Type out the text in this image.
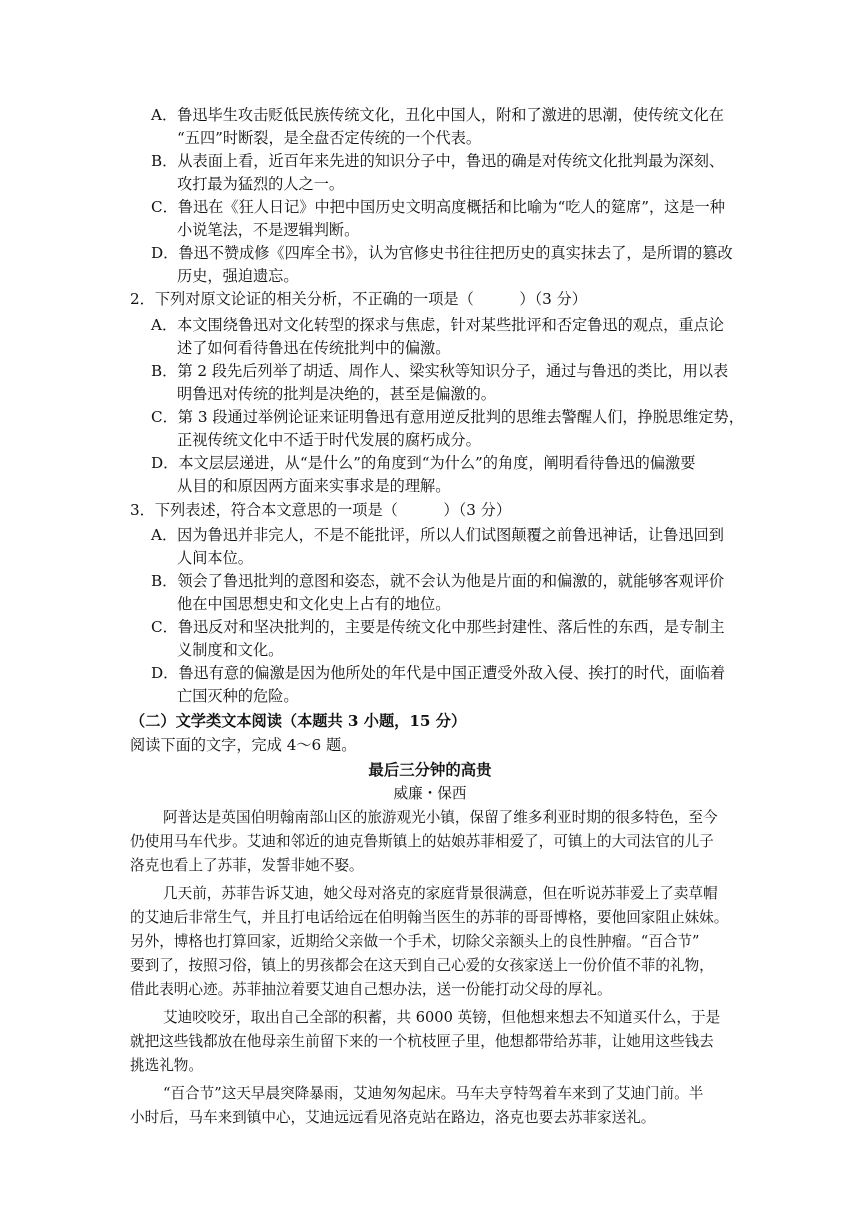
A．鲁迅毕生攻击贬低民族传统文化，丑化中国人，附和了激进的思潮，使传统文化在
“五四”时断裂，是全盘否定传统的一个代表。
B．从表面上看，近百年来先进的知识分子中，鲁迅的确是对传统文化批判最为深刻、
攻打最为猛烈的人之一。
C．鲁迅在《狂人日记》中把中国历史文明高度概括和比喻为“吃人的筵席”，这是一种
小说笔法，不是逻辑判断。
D．鲁迅不赞成修《四库全书》，认为官修史书往往把历史的真实抹去了，是所谓的篡改
历史，强迫遗忘。
2．下列对原文论证的相关分析，不正确的一项是（　　　）（3 分）
A．本文围绕鲁迅对文化转型的探求与焦虑，针对某些批评和否定鲁迅的观点，重点论
述了如何看待鲁迅在传统批判中的偏激。
B．第 2 段先后列举了胡适、周作人、梁实秋等知识分子，通过与鲁迅的类比，用以表
明鲁迅对传统的批判是决绝的，甚至是偏激的。
C．第 3 段通过举例论证来证明鲁迅有意用逆反批判的思维去警醒人们，挣脱思维定势，
正视传统文化中不适于时代发展的腐朽成分。
D．本文层层递进，从“是什么”的角度到“为什么”的角度，阐明看待鲁迅的偏激要
从目的和原因两方面来实事求是的理解。
3．下列表述，符合本文意思的一项是（　　　）（3 分）
A．因为鲁迅并非完人，不是不能批评，所以人们试图颠覆之前鲁迅神话，让鲁迅回到
人间本位。
B．领会了鲁迅批判的意图和姿态，就不会认为他是片面的和偏激的，就能够客观评价
他在中国思想史和文化史上占有的地位。
C．鲁迅反对和坚决批判的，主要是传统文化中那些封建性、落后性的东西，是专制主
义制度和文化。
D．鲁迅有意的偏激是因为他所处的年代是中国正遭受外敌入侵、挨打的时代，面临着
亡国灭种的危险。
（二）文学类文本阅读（本题共 3 小题，15 分）
阅读下面的文字，完成 4～6 题。
最后三分钟的高贵
威廉・保西
阿普达是英国伯明翰南部山区的旅游观光小镇，保留了维多利亚时期的很多特色，至今
仍使用马车代步。艾迪和邻近的迪克鲁斯镇上的姑娘苏菲相爱了，可镇上的大司法官的儿子
洛克也看上了苏菲，发誓非她不娶。
几天前，苏菲告诉艾迪，她父母对洛克的家庭背景很满意，但在听说苏菲爱上了卖草帽
的艾迪后非常生气，并且打电话给远在伯明翰当医生的苏菲的哥哥博格，要他回家阻止妹妹。
另外，博格也打算回家，近期给父亲做一个手术，切除父亲额头上的良性肿瘤。“百合节”
要到了，按照习俗，镇上的男孩都会在这天到自己心爱的女孩家送上一份价值不菲的礼物，
借此表明心迹。苏菲抽泣着要艾迪自己想办法，送一份能打动父母的厚礼。
艾迪咬咬牙，取出自己全部的积蓄，共 6000 英镑，但他想来想去不知道买什么，于是
就把这些钱都放在他母亲生前留下来的一个杭枝匣子里，他想都带给苏菲，让她用这些钱去
挑选礼物。
“百合节”这天早晨突降暴雨，艾迪匆匆起床。马车夫亨特驾着车来到了艾迪门前。半
小时后，马车来到镇中心，艾迪远远看见洛克站在路边，洛克也要去苏菲家送礼。
